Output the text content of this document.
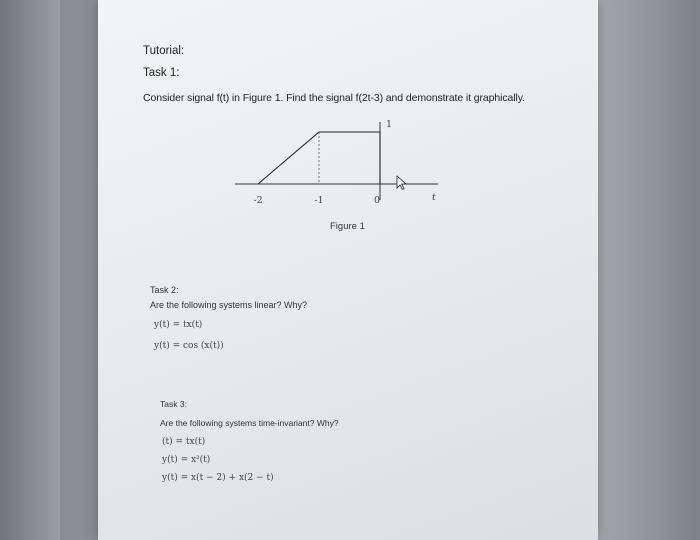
Tutorial:
Task 1:
Consider signal f(t) in Figure 1. Find the signal f(2t-3) and demonstrate it graphically.
-2	-1	0
1
t
Figure 1
Task 2:
Are the following systems linear? Why?
y(t) = tx(t)
y(t) = cos (x(t))
Task 3:
Are the following systems time-invariant? Why?
(t) = tx(t)
y(t) = x²(t)
y(t) = x(t − 2) + x(2 − t)
